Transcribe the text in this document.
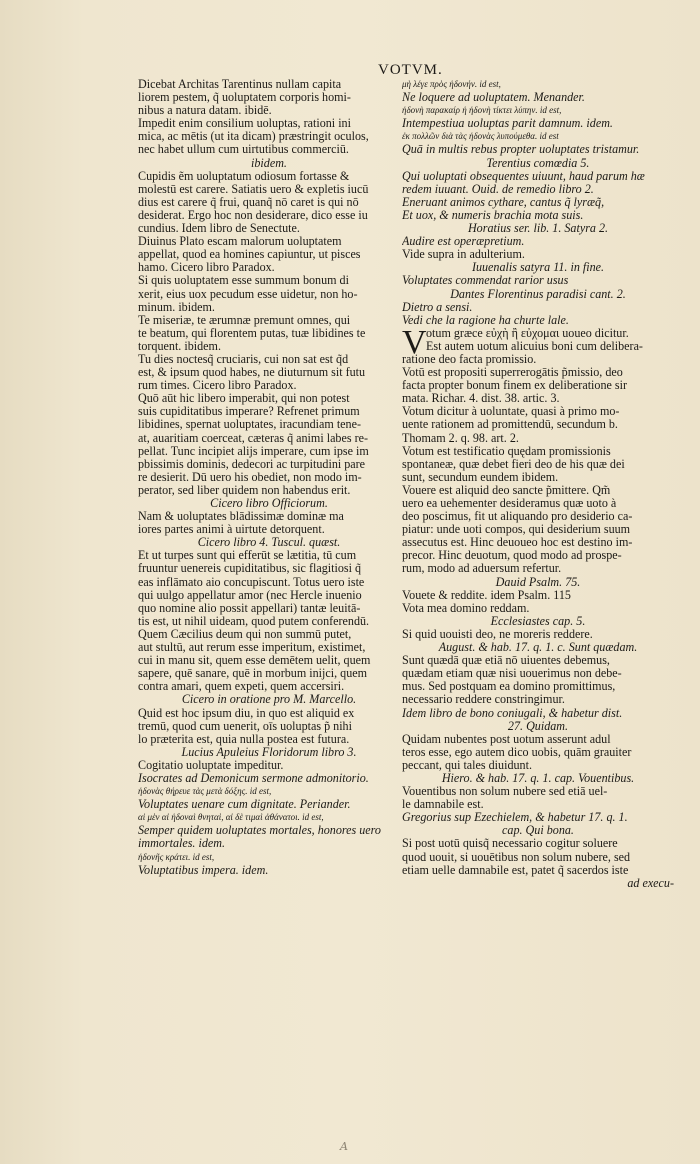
VOTVM.
Dicebat Architas Tarentinus nullam capita
liorem pestem, q̃ uoluptatem corporis homi-
nibus a natura datam. ibidē.
Impedit enim consilium uoluptas, rationi ini
mica, ac mētis (ut ita dicam) præstringit oculos,
nec habet ullum cum uirtutibus commerciū.
ibidem.
Cupidis ẽm uoluptatum odiosum fortasse &
molestū est carere. Satiatis uero & expletis iucū
dius est carere q̃ frui, quanq̃ nō caret is qui nō
desiderat. Ergo hoc non desiderare, dico esse iu
cundius. Idem libro de Senectute.
Diuinus Plato escam malorum uoluptatem
appellat, quod ea homines capiuntur, ut pisces
hamo. Cicero libro Paradox.
Si quis uoluptatem esse summum bonum di
xerit, eius uox pecudum esse uidetur, non ho-
minum. ibidem.
Te miseriæ, te ærumnæ premunt omnes, qui
te beatum, qui florentem putas, tuæ libidines te
torquent. ibidem.
Tu dies noctesq̃ cruciaris, cui non sat est q̃d
est, & ipsum quod habes, ne diuturnum sit futu
rum times. Cicero libro Paradox.
Quō aūt hic libero imperabit, qui non potest
suis cupiditatibus imperare? Refrenet primum
libidines, spernat uoluptates, iracundiam tene-
at, auaritiam coerceat, cæteras q̃ animi labes re-
pellat. Tunc incipiet alijs imperare, cum ipse im
pbissimis dominis, dedecori ac turpitudini pare
re desierit. Dū uero his obediet, non modo im-
perator, sed liber quidem non habendus erit.
Cicero libro Officiorum.
Nam & uoluptates blādissimæ dominæ ma
iores partes animi à uirtute detorquent.
Cicero libro 4. Tuscul. quæst.
Et ut turpes sunt qui efferūt se lætitia, tū cum
fruuntur uenereis cupiditatibus, sic flagitiosi q̃
eas inflāmato aio concupiscunt. Totus uero iste
qui uulgo appellatur amor (nec Hercle inuenio
quo nomine alio possit appellari) tantæ leuitā-
tis est, ut nihil uideam, quod putem conferendū.
Quem Cæcilius deum qui non summū putet,
aut stultū, aut rerum esse imperitum, existimet,
cui in manu sit, quem esse demētem uelit, quem
sapere, quē sanare, quē in morbum inijci, quem
contra amari, quem expeti, quem accersiri.
Cicero in oratione pro M. Marcello.
Quid est hoc ipsum diu, in quo est aliquid ex
tremū, quod cum uenerit, oīs uoluptas p̃ nihi
lo præterita est, quia nulla postea est futura.
Lucius Apuleius Floridorum libro 3.
Cogitatio uoluptate impeditur.
Isocrates ad Demonicum sermone admonitorio.
ἡδονὰς θήρευε τὰς μετὰ δόξης. id est,
Voluptates uenare cum dignitate. Periander.
αἱ μὲν αἱ ἡδοναὶ θνηταὶ, αἱ δὲ τιμαὶ ἀθάνατοι. id est,
Semper quidem uoluptates mortales, honores uero
immortales. idem.
ἡδονῆς κράτει. id est,
Voluptatibus impera. idem.
μὴ λέγε πρὸς ἡδονήν. id est,
Ne loquere ad uoluptatem. Menander.
ἡδονὴ παρακαίρ ἡ ἡδονὴ τίκτει λύπην. id est,
Intempestiua uoluptas parit damnum. idem.
ἐκ πολλῶν διὰ τὰς ἡδονὰς λυπούμεθα. id est
Quā in multis rebus propter uoluptates tristamur.
Terentius comœdia 5.
Qui uoluptati obsequentes uiuunt, haud parum hæ
redem iuuant. Ouid. de remedio libro 2.
Eneruant animos cythare, cantus q̃ lyræq̃,
Et uox, & numeris brachia mota suis.
Horatius ser. lib. 1. Satyra 2.
Audire est operæpretium.
Vide supra in adulterium.
Iuuenalis satyra 11. in fine.
Voluptates commendat rarior usus
Dantes Florentinus paradisi cant. 2.
Dietro a sensi.
Vedi che la ragione ha churte lale.
V otum græce εὐχὴ ἢ εὐχομαι uoueo dicitur.
Est autem uotum alicuius boni cum delibera-
ratione deo facta promissio.
Votū est propositi superrerogātis p̃missio, deo
facta propter bonum finem ex deliberatione sir
mata. Richar. 4. dist. 38. artic. 3.
Votum dicitur à uoluntate, quasi à primo mo-
uente rationem ad promittendū, secundum b.
Thomam 2. q. 98. art. 2.
Votum est testificatio quędam promissionis
spontaneæ, quæ debet fieri deo de his quæ dei
sunt, secundum eundem ibidem.
Vouere est aliquid deo sancte p̃mittere. Qm̃
uero ea uehementer desideramus quæ uoto à
deo poscimus, fit ut aliquando pro desiderio ca-
piatur: unde uoti compos, qui desiderium suum
assecutus est. Hinc deuoueo hoc est destino im-
precor. Hinc deuotum, quod modo ad prospe-
rum, modo ad aduersum refertur.
Dauid Psalm. 75.
Vouete & reddite. idem Psalm. 115
Vota mea domino reddam.
Ecclesiastes cap. 5.
Si quid uouisti deo, ne moreris reddere.
August. & hab. 17. q. 1. c. Sunt quædam.
Sunt quædā quæ etiā nō uiuentes debemus,
quædam etiam quæ nisi uouerimus non debe-
mus. Sed postquam ea domino promittimus,
necessario reddere constringimur.
Idem libro de bono coniugali, & habetur dist.
27. Quidam.
Quidam nubentes post uotum asserunt adul
teros esse, ego autem dico uobis, quām grauiter
peccant, qui tales diuidunt.
Hiero. & hab. 17. q. 1. cap. Vouentibus.
Vouentibus non solum nubere sed etiā uel-
le damnabile est.
Gregorius sup Ezechielem, & habetur 17. q. 1.
cap. Qui bona.
Si post uotū quisq̃ necessario cogitur soluere
quod uouit, si uouētibus non solum nubere, sed
etiam uelle damnabile est, patet q̃ sacerdos iste
ad execu-
A
